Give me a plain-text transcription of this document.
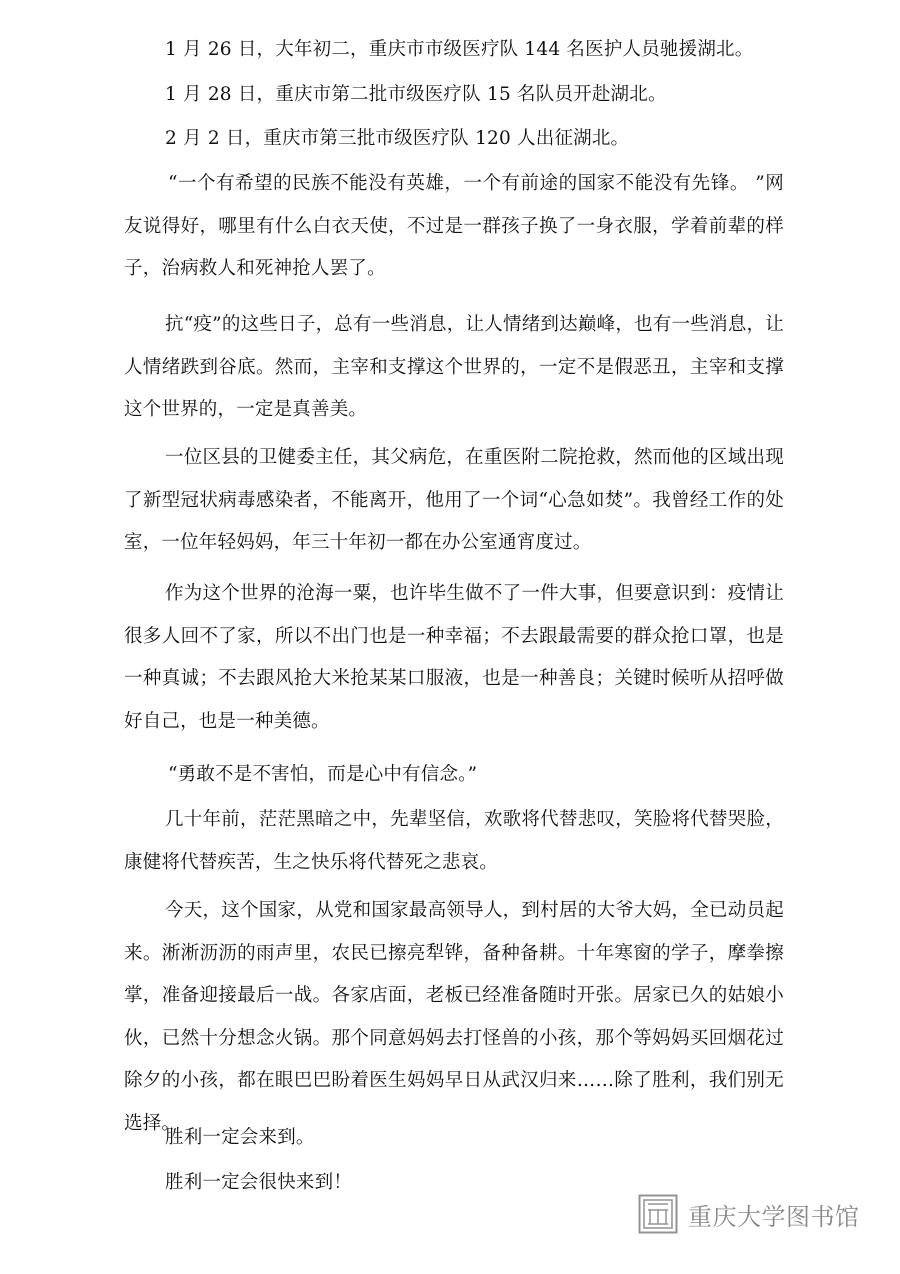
1 月 26 日，大年初二，重庆市市级医疗队 144 名医护人员驰援湖北。

1 月 28 日，重庆市第二批市级医疗队 15 名队员开赴湖北。

2 月 2 日，重庆市第三批市级医疗队 120 人出征湖北。

“一个有希望的民族不能没有英雄，一个有前途的国家不能没有先锋。 ”网友说得好，哪里有什么白衣天使，不过是一群孩子换了一身衣服，学着前辈的样子，治病救人和死神抢人罢了。

抗“疫”的这些日子，总有一些消息，让人情绪到达巅峰，也有一些消息，让人情绪跌到谷底。然而，主宰和支撑这个世界的，一定不是假恶丑，主宰和支撑这个世界的，一定是真善美。

一位区县的卫健委主任，其父病危，在重医附二院抢救，然而他的区域出现了新型冠状病毒感染者，不能离开，他用了一个词“心急如焚”。我曾经工作的处室，一位年轻妈妈，年三十年初一都在办公室通宵度过。

作为这个世界的沧海一粟，也许毕生做不了一件大事，但要意识到：疫情让很多人回不了家，所以不出门也是一种幸福；不去跟最需要的群众抢口罩，也是一种真诚；不去跟风抢大米抢某某口服液，也是一种善良；关键时候听从招呼做好自己，也是一种美德。

“勇敢不是不害怕，而是心中有信念。”

几十年前，茫茫黑暗之中，先辈坚信，欢歌将代替悲叹，笑脸将代替哭脸，康健将代替疾苦，生之快乐将代替死之悲哀。

今天，这个国家，从党和国家最高领导人，到村居的大爷大妈，全已动员起来。淅淅沥沥的雨声里，农民已擦亮犁铧，备种备耕。十年寒窗的学子，摩拳擦掌，准备迎接最后一战。各家店面，老板已经准备随时开张。居家已久的姑娘小伙，已然十分想念火锅。那个同意妈妈去打怪兽的小孩，那个等妈妈买回烟花过除夕的小孩，都在眼巴巴盼着医生妈妈早日从武汉归来……除了胜利，我们别无选择。

胜利一定会来到。

胜利一定会很快来到！

重庆大学图书馆
